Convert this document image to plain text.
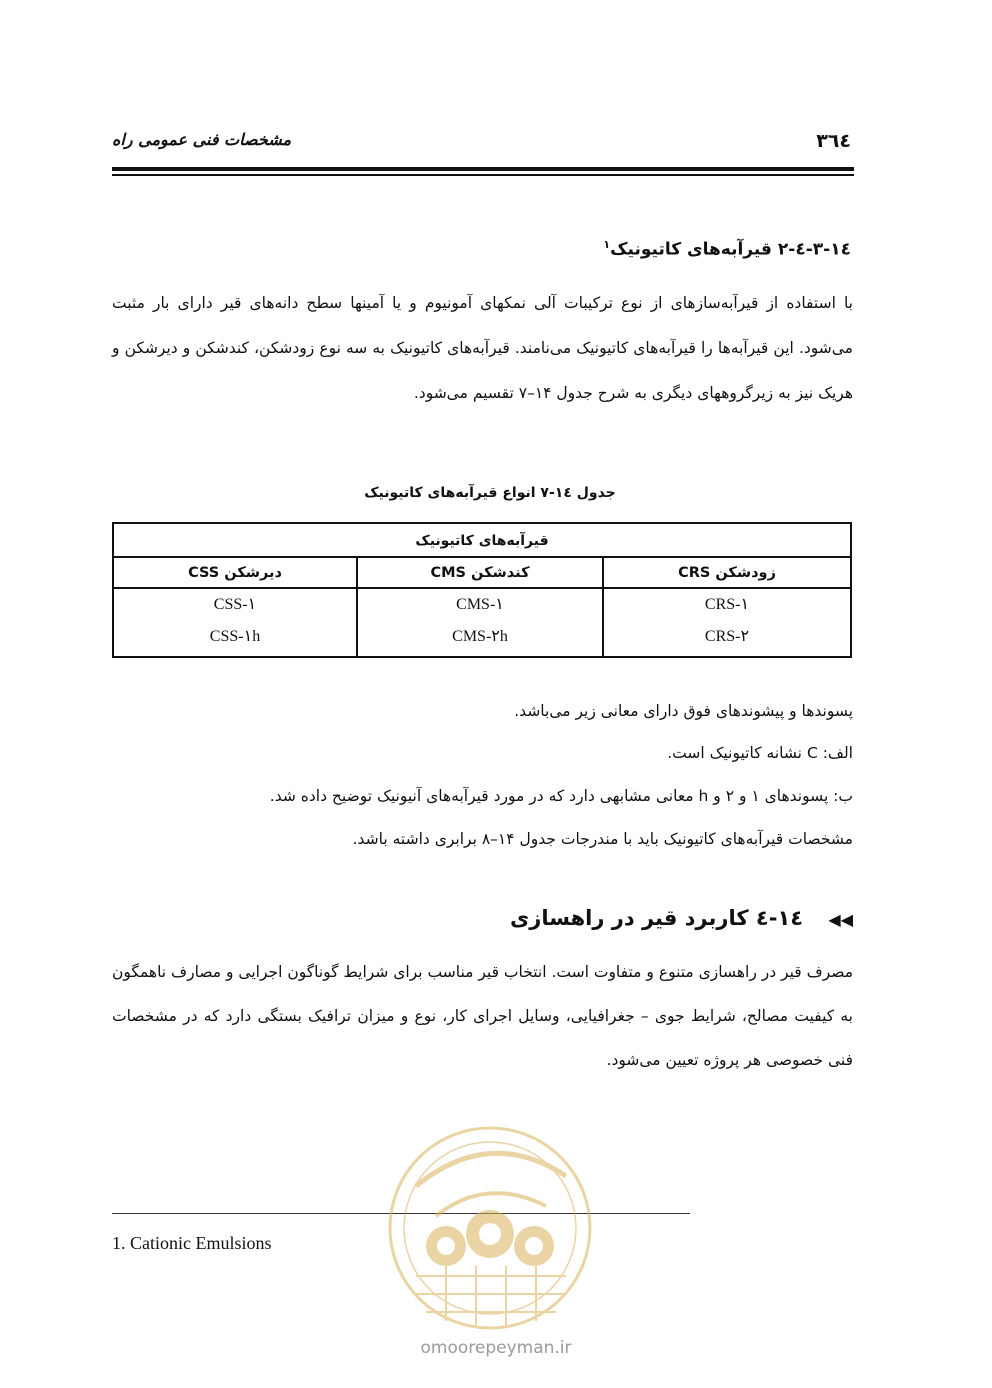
۳٦٤
مشخصات فنی عمومی راه
۱٤-۳-٤-۲ قیرآبه‌های کاتیونیک$^۱$
با استفاده از قیرآبه‌سازهای از نوع ترکیبات آلی نمکهای آمونیوم و یا آمینها سطح دانه‌های قیر دارای بار مثبت می‌شود. این قیرآبه‌ها را قیرآبه‌های کاتیونیک می‌نامند. قیرآبه‌های کاتیونیک به سه نوع زودشکن، کندشکن و دیرشکن و هریک نیز به زیرگروههای دیگری به شرح جدول ۱۴–۷ تقسیم می‌شود.
جدول ۱٤-۷ انواع قیرآبه‌های کاتیونیک
قیرآبه‌های کاتیونیک
زودشکن CRS
CRS-۱
CRS-۲
کندشکن CMS
CMS-۱
CMS-۲h
دیرشکن CSS
CSS-۱
CSS-۱h
پسوندها و پیشوندهای فوق دارای معانی زیر می‌باشد.
الف: C نشانه کاتیونیک است.
ب: پسوندهای ۱ و ۲ و h معانی مشابهی دارد که در مورد قیرآبه‌های آنیونیک توضیح داده شد.
مشخصات قیرآبه‌های کاتیونیک باید با مندرجات جدول ۱۴–۸ برابری داشته باشد.
◀◀ ۱٤-٤ کاربرد قیر در راهسازی
مصرف قیر در راهسازی متنوع و متفاوت است. انتخاب قیر مناسب برای شرایط گوناگون اجرایی و مصارف ناهمگون به کیفیت مصالح، شرایط جوی – جغرافیایی، وسایل اجرای کار، نوع و میزان ترافیک بستگی دارد که در مشخصات فنی خصوصی هر پروژه تعیین می‌شود.
1. Cationic Emulsions
omoorepeyman.ir
